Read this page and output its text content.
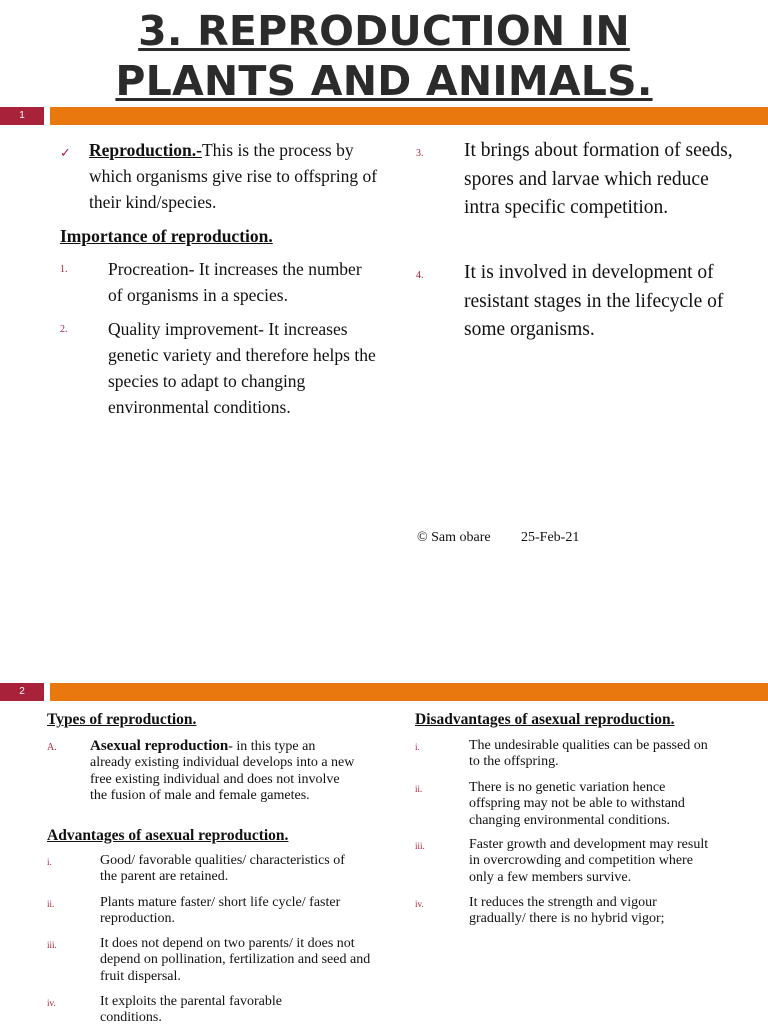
3. REPRODUCTION IN
PLANTS AND ANIMALS.
1
✓ Reproduction.-This is the process by which organisms give rise to offspring of their kind/species.
Importance of reproduction.
1. Procreation- It increases the number of organisms in a species.
2. Quality improvement- It increases genetic variety and therefore helps the species to adapt to changing environmental conditions.
3. It brings about formation of seeds, spores and larvae which reduce intra specific competition.
4. It is involved in development of resistant stages in the lifecycle of some organisms.
© Sam obare 25-Feb-21
2
Types of reproduction.
A. Asexual reproduction- in this type an already existing individual develops into a new free existing individual and does not involve the fusion of male and female gametes.
Advantages of asexual reproduction.
i.	Good/ favorable qualities/ characteristics of the parent are retained.
ii.	Plants mature faster/ short life cycle/ faster reproduction.
iii.	It does not depend on two parents/ it does not depend on pollination, fertilization and seed and fruit dispersal.
iv.	It exploits the parental favorable conditions.
Disadvantages of asexual reproduction.
i.	The undesirable qualities can be passed on to the offspring.
ii.	There is no genetic variation hence offspring may not be able to withstand changing environmental conditions.
iii.	Faster growth and development may result in overcrowding and competition where only a few members survive.
iv.	It reduces the strength and vigour gradually/ there is no hybrid vigor;
